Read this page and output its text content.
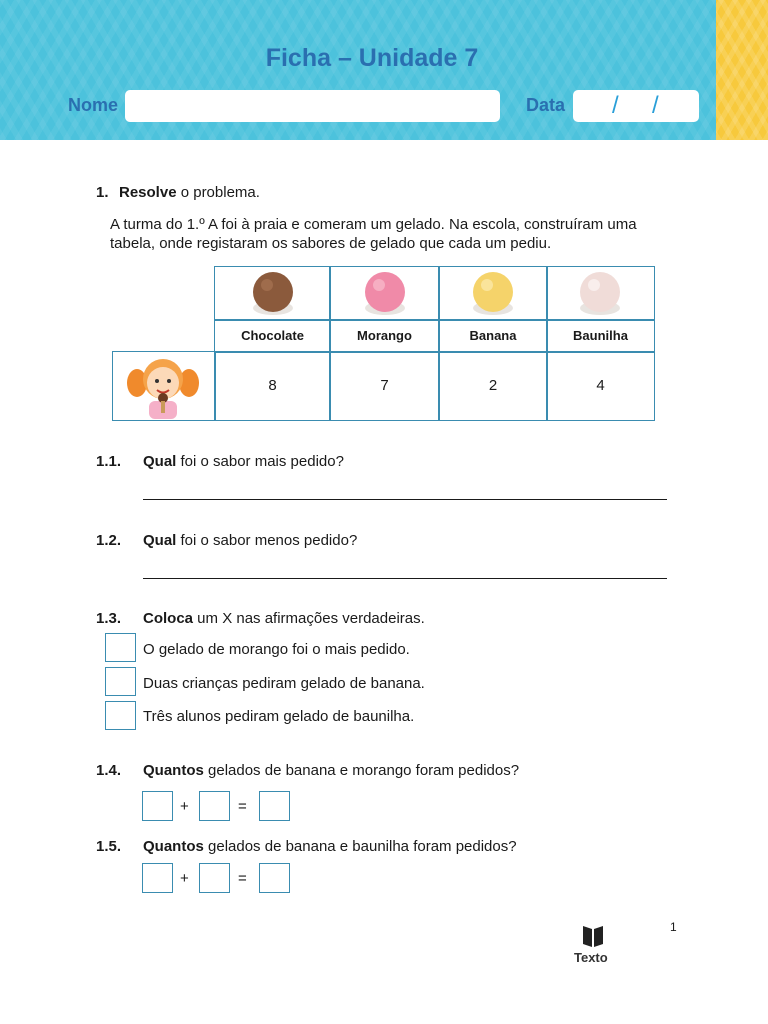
Ficha – Unidade 7
Nome	Data / /
1. Resolve o problema.
A turma do 1.º A foi à praia e comeram um gelado. Na escola, construíram uma
tabela, onde registaram os sabores de gelado que cada um pediu.
Chocolate	Morango	Banana	Baunilha
8	7	2	4
1.1. Qual foi o sabor mais pedido?
1.2. Qual foi o sabor menos pedido?
1.3. Coloca um X nas afirmações verdadeiras.
O gelado de morango foi o mais pedido.
Duas crianças pediram gelado de banana.
Três alunos pediram gelado de baunilha.
1.4. Quantos gelados de banana e morango foram pedidos?
+	=
1.5. Quantos gelados de banana e baunilha foram pedidos?
+	=
Texto
1
